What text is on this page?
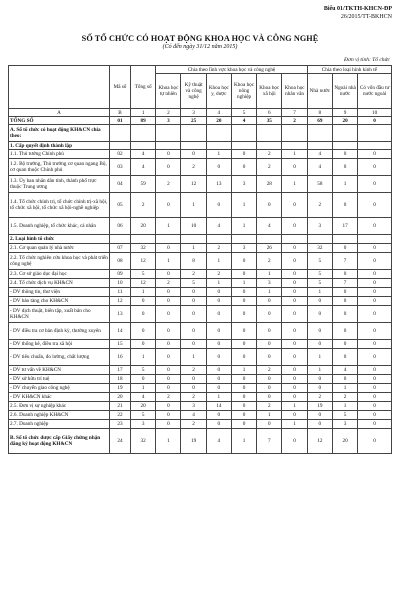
Biểu 01/TKTH-KHCN-ĐP
26/2015/TT-BKHCN
SỐ TỔ CHỨC CÓ HOẠT ĐỘNG KHOA HỌC VÀ CÔNG NGHỆ
(Có đến ngày 31/12 năm 2015)
Đơn vị tính: Tổ chức
	Mã số	Tổng số	Chia theo lĩnh vực khoa học và công nghệ						Chia theo loại hình kinh tế		
			Khoa học tự nhiên	Kỹ thuật và công nghệ	Khoa học y, dược	Khoa học nông nghiệp	Khoa học xã hội	Khoa học nhân văn	Nhà nước	Ngoài nhà nước	Có vốn đầu tư nước ngoài
A	B	1	2	3	4	5	6	7	8	9	10
TỔNG SỐ	01	89	3	25	20	4	35	2	69	20	0
A. Số tổ chức có hoạt động KH&CN chia theo:											
1. Cấp quyết định thành lập											
1.1. Thủ tướng Chính phủ	02	4	0	0	1	0	2	1	4	0	0
1.2. Bộ trưởng, Thủ trưởng cơ quan ngang Bộ, cơ quan thuộc Chính phủ	03	4	0	2	0	0	2	0	4	0	0
1.3. Ủy ban nhân dân tỉnh, thành phố trực thuộc Trung ương	04	59	2	12	13	3	28	1	58	1	0
1.4. Tổ chức chính trị, tổ chức chính trị-xã hội, tổ chức xã hội, tổ chức xã hội-nghề nghiệp	05	2	0	1	0	1	0	0	2	0	0
1.5. Doanh nghiệp, tổ chức khác, cá nhân	06	20	1	10	4	1	4	0	3	17	0
2. Loại hình tổ chức											
2.1. Cơ quan quản lý nhà nước	07	32	0	1	2	3	26	0	32	0	0
2.2. Tổ chức nghiên cứu khoa học và phát triển công nghệ	08	12	1	8	1	0	2	0	5	7	0
2.3. Cơ sở giáo dục đại học	09	5	0	2	2	0	1	0	5	0	0
2.4. Tổ chức dịch vụ KH&CN	10	12	2	5	1	1	3	0	5	7	0
- DV thông tin, thư viện	11	1	0	0	0	0	1	0	1	0	0
- DV bảo tàng cho KH&CN	12	0	0	0	0	0	0	0	0	0	0
- DV dịch thuật, biên tập, xuất bản cho KH&CN	13	0	0	0	0	0	0	0	0	0	0
- DV điều tra cơ bản định kỳ, thường xuyên	14	0	0	0	0	0	0	0	0	0	0
- DV thống kê, điều tra xã hội	15	0	0	0	0	0	0	0	0	0	0
- DV tiêu chuẩn, đo lường, chất lượng	16	1	0	1	0	0	0	0	1	0	0
- DV tư vấn về KH&CN	17	5	0	2	0	1	2	0	1	4	0
- DV sở hữu trí tuệ	18	0	0	0	0	0	0	0	0	0	0
- DV chuyển giao công nghệ	19	1	0	0	0	0	0	0	0	1	0
- DV KH&CN khác	20	4	2	2	1	0	0	0	2	2	0
2.5. Đơn vị sự nghiệp khác	21	20	0	3	14	0	2	1	19	1	0
2.6. Doanh nghiệp KH&CN	22	5	0	4	0	0	1	0	0	5	0
2.7. Doanh nghiệp	23	3	0	2	0	0	0	1	0	3	0
B. Số tổ chức được cấp Giấy chứng nhận đăng ký hoạt động KH&CN	24	32	1	19	4	1	7	0	12	20	0
